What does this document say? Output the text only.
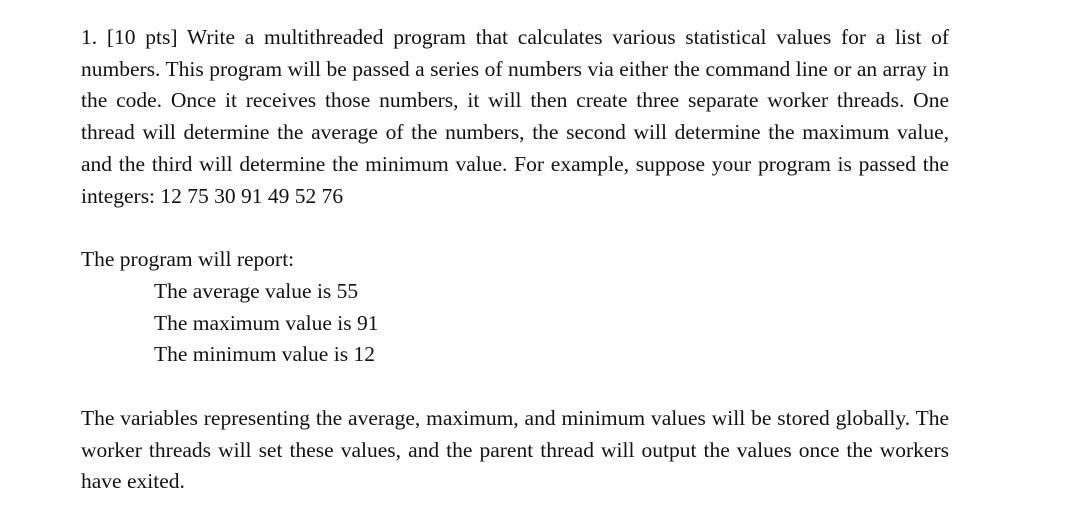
1. [10 pts] Write a multithreaded program that calculates various statistical values for a list of numbers. This program will be passed a series of numbers via either the command line or an array in the code. Once it receives those numbers, it will then create three separate worker threads. One thread will determine the average of the numbers, the second will determine the maximum value, and the third will determine the minimum value. For example, suppose your program is passed the integers: 12 75 30 91 49 52 76

The program will report:

The average value is 55

The maximum value is 91

The minimum value is 12

The variables representing the average, maximum, and minimum values will be stored globally. The worker threads will set these values, and the parent thread will output the values once the workers have exited.
